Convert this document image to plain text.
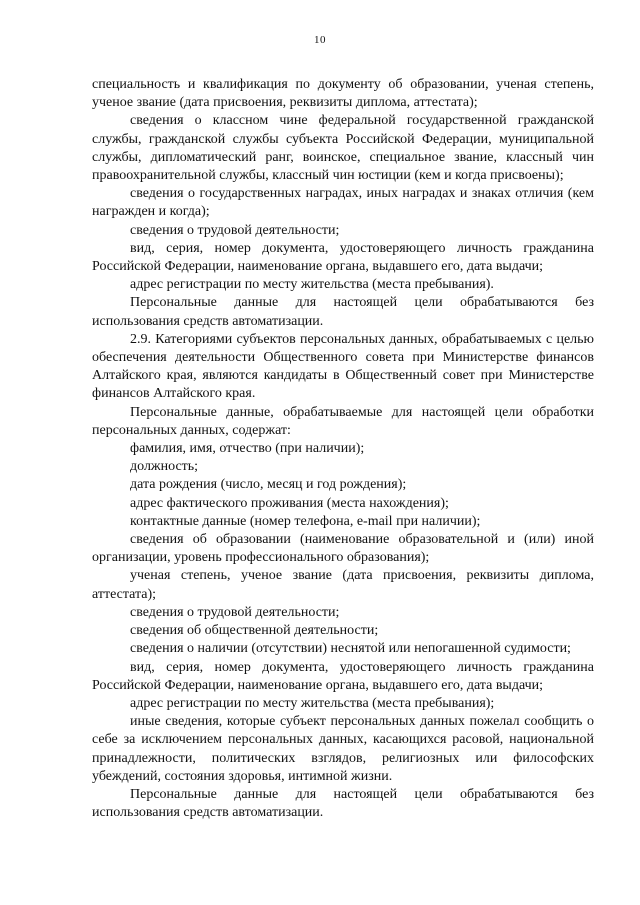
10

специальность и квалификация по документу об образовании, ученая степень, ученое звание (дата присвоения, реквизиты диплома, аттестата);

сведения о классном чине федеральной государственной гражданской службы, гражданской службы субъекта Российской Федерации, муниципальной службы, дипломатический ранг, воинское, специальное звание, классный чин правоохранительной службы, классный чин юстиции (кем и когда присвоены);

сведения о государственных наградах, иных наградах и знаках отличия (кем награжден и когда);

сведения о трудовой деятельности;

вид, серия, номер документа, удостоверяющего личность гражданина Российской Федерации, наименование органа, выдавшего его, дата выдачи;

адрес регистрации по месту жительства (места пребывания).

Персональные данные для настоящей цели обрабатываются без использования средств автоматизации.

2.9. Категориями субъектов персональных данных, обрабатываемых с целью обеспечения деятельности Общественного совета при Министерстве финансов Алтайского края, являются кандидаты в Общественный совет при Министерстве финансов Алтайского края.

Персональные данные, обрабатываемые для настоящей цели обработки персональных данных, содержат:

фамилия, имя, отчество (при наличии);

должность;

дата рождения (число, месяц и год рождения);

адрес фактического проживания (места нахождения);

контактные данные (номер телефона, e-mail при наличии);

сведения об образовании (наименование образовательной и (или) иной организации, уровень профессионального образования);

ученая степень, ученое звание (дата присвоения, реквизиты диплома, аттестата);

сведения о трудовой деятельности;

сведения об общественной деятельности;

сведения о наличии (отсутствии) неснятой или непогашенной судимости;

вид, серия, номер документа, удостоверяющего личность гражданина Российской Федерации, наименование органа, выдавшего его, дата выдачи;

адрес регистрации по месту жительства (места пребывания);

иные сведения, которые субъект персональных данных пожелал сообщить о себе за исключением персональных данных, касающихся расовой, национальной принадлежности, политических взглядов, религиозных или философских убеждений, состояния здоровья, интимной жизни.

Персональные данные для настоящей цели обрабатываются без использования средств автоматизации.
